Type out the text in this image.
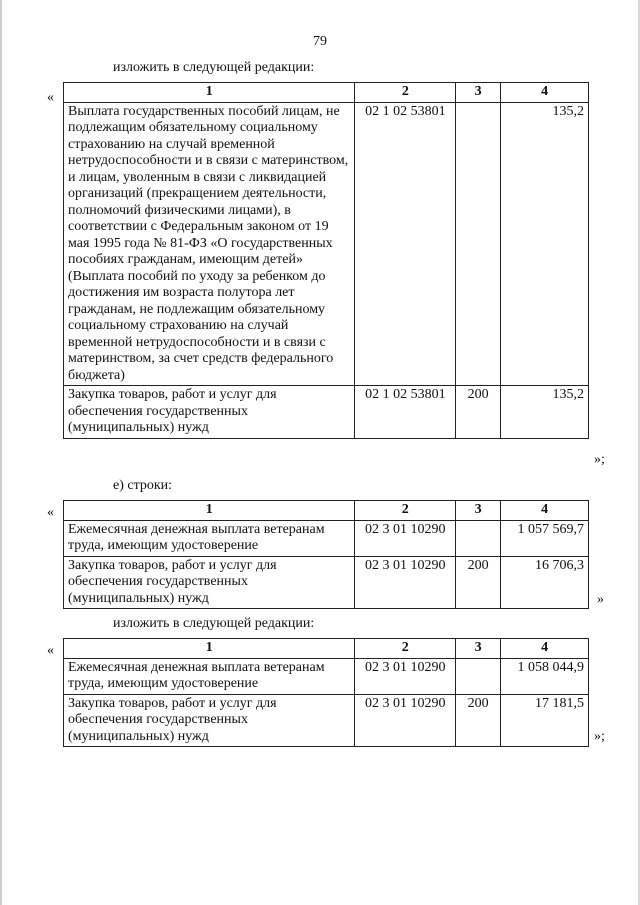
79
изложить в следующей редакции:
«	1	2	3	4
Выплата государственных пособий лицам, не подлежащим обязательному социальному страхованию на случай временной нетрудоспособности и в связи с материнством, и лицам, уволенным в связи с ликвидацией организаций (прекращением деятельности, полномочий физическими лицами), в соответствии с Федеральным законом от 19 мая 1995 года № 81-ФЗ «О государственных пособиях гражданам, имеющим детей» (Выплата пособий по уходу за ребенком до достижения им возраста полутора лет гражданам, не подлежащим обязательному социальному страхованию на случай временной нетрудоспособности и в связи с материнством, за счет средств федерального бюджета)	02 1 02 53801		135,2
Закупка товаров, работ и услуг для обеспечения государственных (муниципальных) нужд	02 1 02 53801	200	135,2
»;
е) строки:
«	1	2	3	4
Ежемесячная денежная выплата ветеранам труда, имеющим удостоверение	02 3 01 10290		1 057 569,7
Закупка товаров, работ и услуг для обеспечения государственных (муниципальных) нужд	02 3 01 10290	200	16 706,3
»
изложить в следующей редакции:
«	1	2	3	4
Ежемесячная денежная выплата ветеранам труда, имеющим удостоверение	02 3 01 10290		1 058 044,9
Закупка товаров, работ и услуг для обеспечения государственных (муниципальных) нужд	02 3 01 10290	200	17 181,5
»;
